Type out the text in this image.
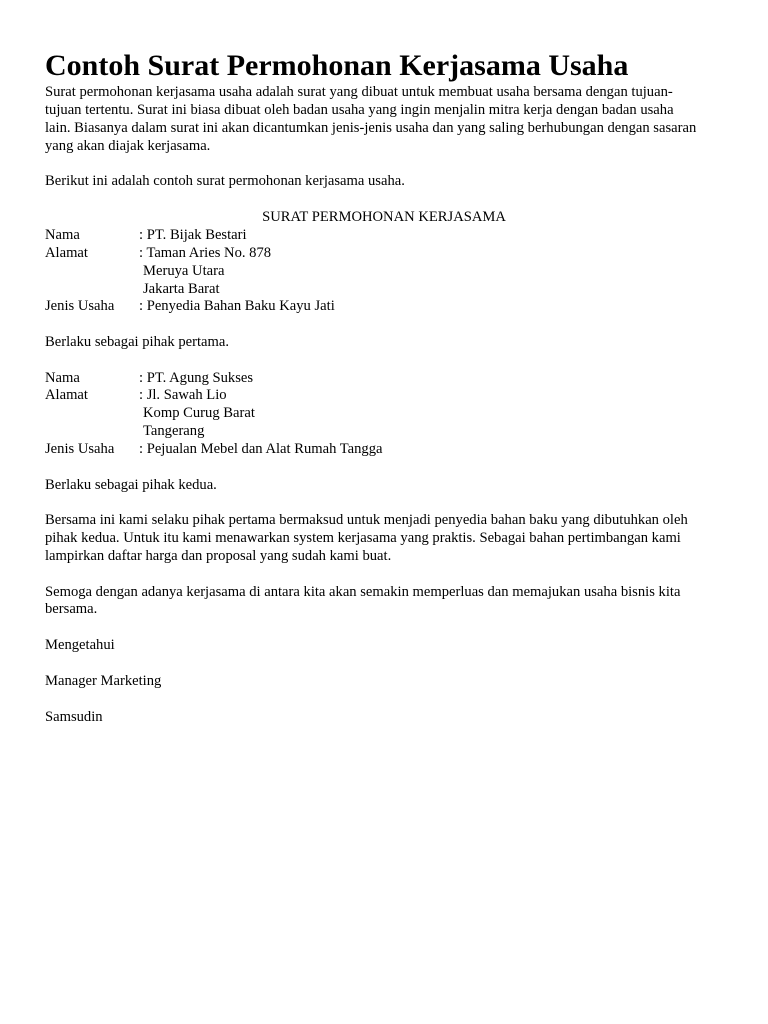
Contoh Surat Permohonan Kerjasama Usaha
Surat permohonan kerjasama usaha adalah surat yang dibuat untuk membuat usaha bersama dengan tujuan-
tujuan tertentu. Surat ini biasa dibuat oleh badan usaha yang ingin menjalin mitra kerja dengan badan usaha
lain. Biasanya dalam surat ini akan dicantumkan jenis-jenis usaha dan yang saling berhubungan dengan sasaran
yang akan diajak kerjasama.
Berikut ini adalah contoh surat permohonan kerjasama usaha.
SURAT PERMOHONAN KERJASAMA
Nama	: PT. Bijak Bestari
Alamat	: Taman Aries No. 878
Meruya Utara
Jakarta Barat
Jenis Usaha : Penyedia Bahan Baku Kayu Jati
Berlaku sebagai pihak pertama.
Nama	: PT. Agung Sukses
Alamat	: Jl. Sawah Lio
Komp Curug Barat
Tangerang
Jenis Usaha : Pejualan Mebel dan Alat Rumah Tangga
Berlaku sebagai pihak kedua.
Bersama ini kami selaku pihak pertama bermaksud untuk menjadi penyedia bahan baku yang dibutuhkan oleh
pihak kedua. Untuk itu kami menawarkan system kerjasama yang praktis. Sebagai bahan pertimbangan kami
lampirkan daftar harga dan proposal yang sudah kami buat.
Semoga dengan adanya kerjasama di antara kita akan semakin memperluas dan memajukan usaha bisnis kita
bersama.
Mengetahui
Manager Marketing
Samsudin
